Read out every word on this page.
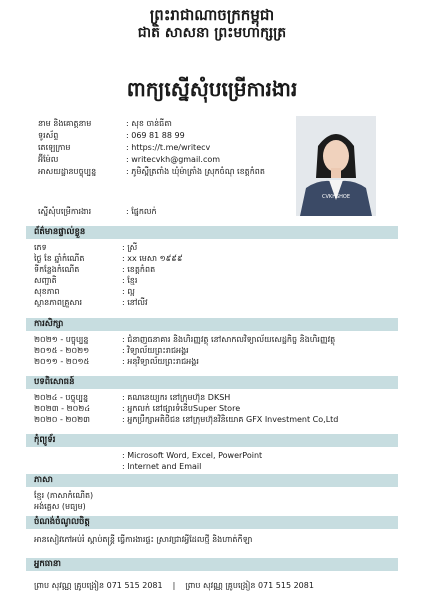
ព្រះរាជាណាចក្រកម្ពុជា
ជាតិ សាសនា ព្រះមហាក្សត្រ
ពាក្យស្នើសុំបម្រើការងារ
នាម និងគោត្តនាម	: សុខ ចាន់ធីតា
ទូរស័ព្ទ	: 069 81 88 99
តេឡេក្រាម	: https://t.me/writecv
អ៊ីម៉ែល	: writecvkh@gmail.com
អាសយដ្ឋានបច្ចុប្បន្ន	: ភូមិស្ពឺត្រពាំង ឃុំម៉ាត្រាំង ស្រុកចំណុ ខេត្តកំពត
CVKHSHOE
ស្នើសុំបម្រើការងារ	: ផ្នែកលក់
ព័ត៌មានផ្ទាល់ខ្លួន
ភេទ	: ស្រី
ថ្ងៃ ខែ ឆ្នាំកំណើត	: xx មេសា ១៩៩៩
ទីកន្លែងកំណើត	: ខេត្តកំពត
សញ្ជាតិ	: ខ្មែរ
សុខភាព	: ល្អ
ស្ថានភាពគ្រួសារ	: នៅលីវ
ការសិក្សា
២០២១ - បច្ចុប្បន្ន	: ជំនាញធនាគារ និងហិរញ្ញវត្ថុ នៅសាកលវិទ្យាល័យសេដ្ឋកិច្ច និងហិរញ្ញវត្ថុ
២០១៥ - ២០២១	: វិទ្យាល័យព្រះរាជអង្គរ
២០១១ - ២០១៥	: អនុវិទ្យាល័យព្រះរាជអង្គរ
បទពិសោធន៍
២០២៤ - បច្ចុប្បន្ន	: គណនេយ្យករ នៅក្រុមហ៊ុន DKSH
២០២៣ - ២០២៤	: អ្នកលក់ នៅផ្សារទំនើបSuper Store
២០២០ - ២០២៣	: អ្នកប្រឹក្សាអតិថិជន នៅក្រុមហ៊ុនវិនិយោគ GFX Investment Co,Ltd
កុំព្យូទ័រ
: Microsoft Word, Excel, PowerPoint
: Internet and Email
ភាសា
ខ្មែរ (ភាសាកំណើត)
អង់គ្លេស (មធ្យម)
ចំណង់ចំណូលចិត្ត
អានសៀវភៅអប់រំ ស្តាប់តន្ត្រី ធ្វើការងារផ្ទះ ស្រាវជ្រាវអ្វីដែលថ្មី និងហាត់កីឡា
អ្នកធានា
ព្រាប សុវណ្ណ គ្រូបង្រៀន 071 515 2081	|	ព្រាប សុវណ្ណ គ្រូបង្រៀន 071 515 2081
